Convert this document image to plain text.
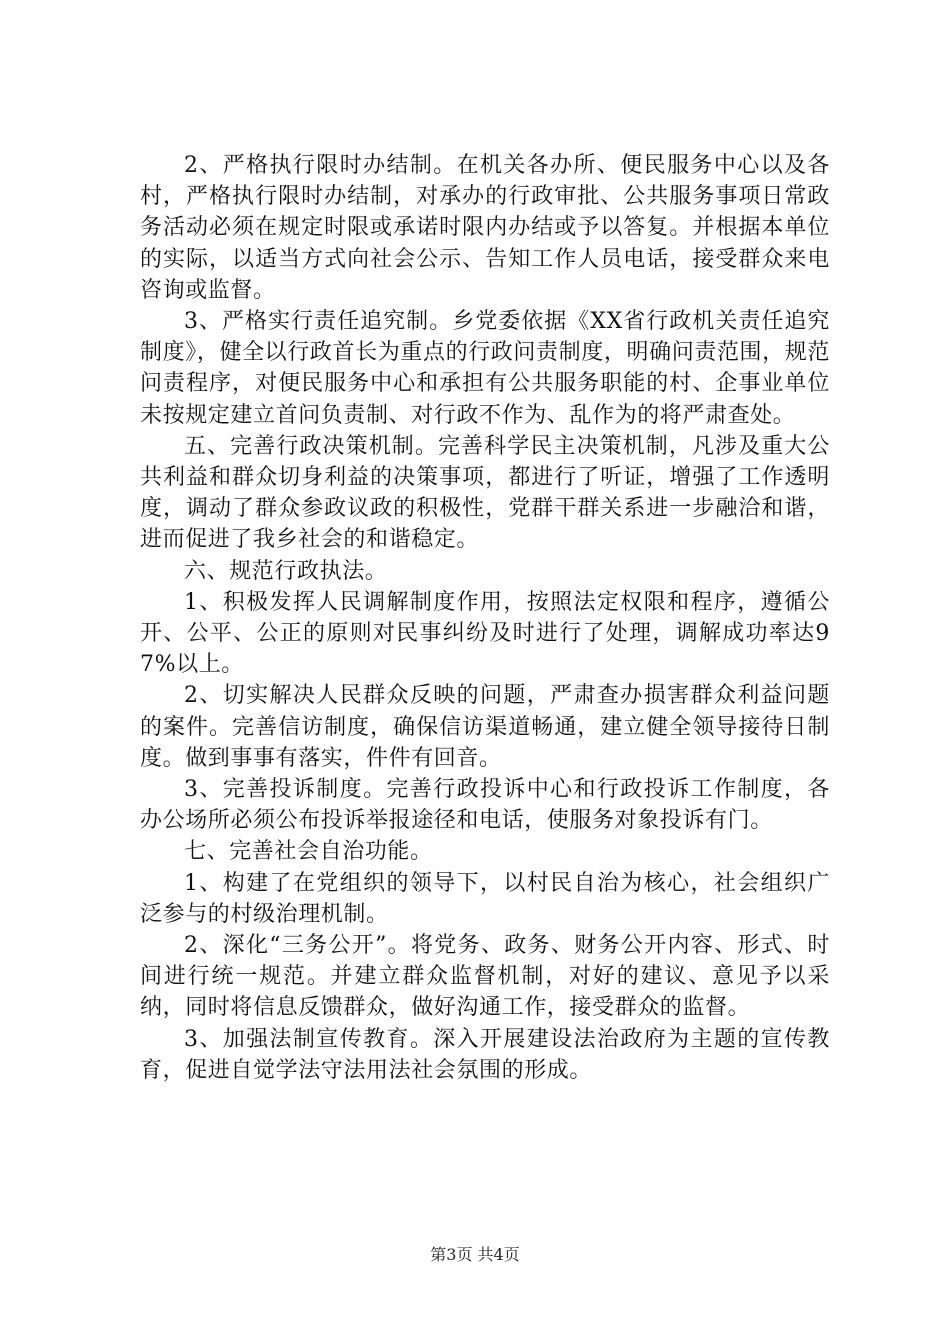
2、严格执行限时办结制。在机关各办所、便民服务中心以及各村，严格执行限时办结制，对承办的行政审批、公共服务事项日常政务活动必须在规定时限或承诺时限内办结或予以答复。并根据本单位的实际，以适当方式向社会公示、告知工作人员电话，接受群众来电咨询或监督。

3、严格实行责任追究制。乡党委依据《XX省行政机关责任追究制度》，健全以行政首长为重点的行政问责制度，明确问责范围，规范问责程序，对便民服务中心和承担有公共服务职能的村、企事业单位未按规定建立首问负责制、对行政不作为、乱作为的将严肃查处。

五、完善行政决策机制。完善科学民主决策机制，凡涉及重大公共利益和群众切身利益的决策事项，都进行了听证，增强了工作透明度，调动了群众参政议政的积极性，党群干群关系进一步融洽和谐，进而促进了我乡社会的和谐稳定。

六、规范行政执法。

1、积极发挥人民调解制度作用，按照法定权限和程序，遵循公开、公平、公正的原则对民事纠纷及时进行了处理，调解成功率达97%以上。

2、切实解决人民群众反映的问题，严肃查办损害群众利益问题的案件。完善信访制度，确保信访渠道畅通，建立健全领导接待日制度。做到事事有落实，件件有回音。

3、完善投诉制度。完善行政投诉中心和行政投诉工作制度，各办公场所必须公布投诉举报途径和电话，使服务对象投诉有门。

七、完善社会自治功能。

1、构建了在党组织的领导下，以村民自治为核心，社会组织广泛参与的村级治理机制。

2、深化“三务公开”。将党务、政务、财务公开内容、形式、时间进行统一规范。并建立群众监督机制，对好的建议、意见予以采纳，同时将信息反馈群众，做好沟通工作，接受群众的监督。

3、加强法制宣传教育。深入开展建设法治政府为主题的宣传教育，促进自觉学法守法用法社会氛围的形成。

第3页 共4页
